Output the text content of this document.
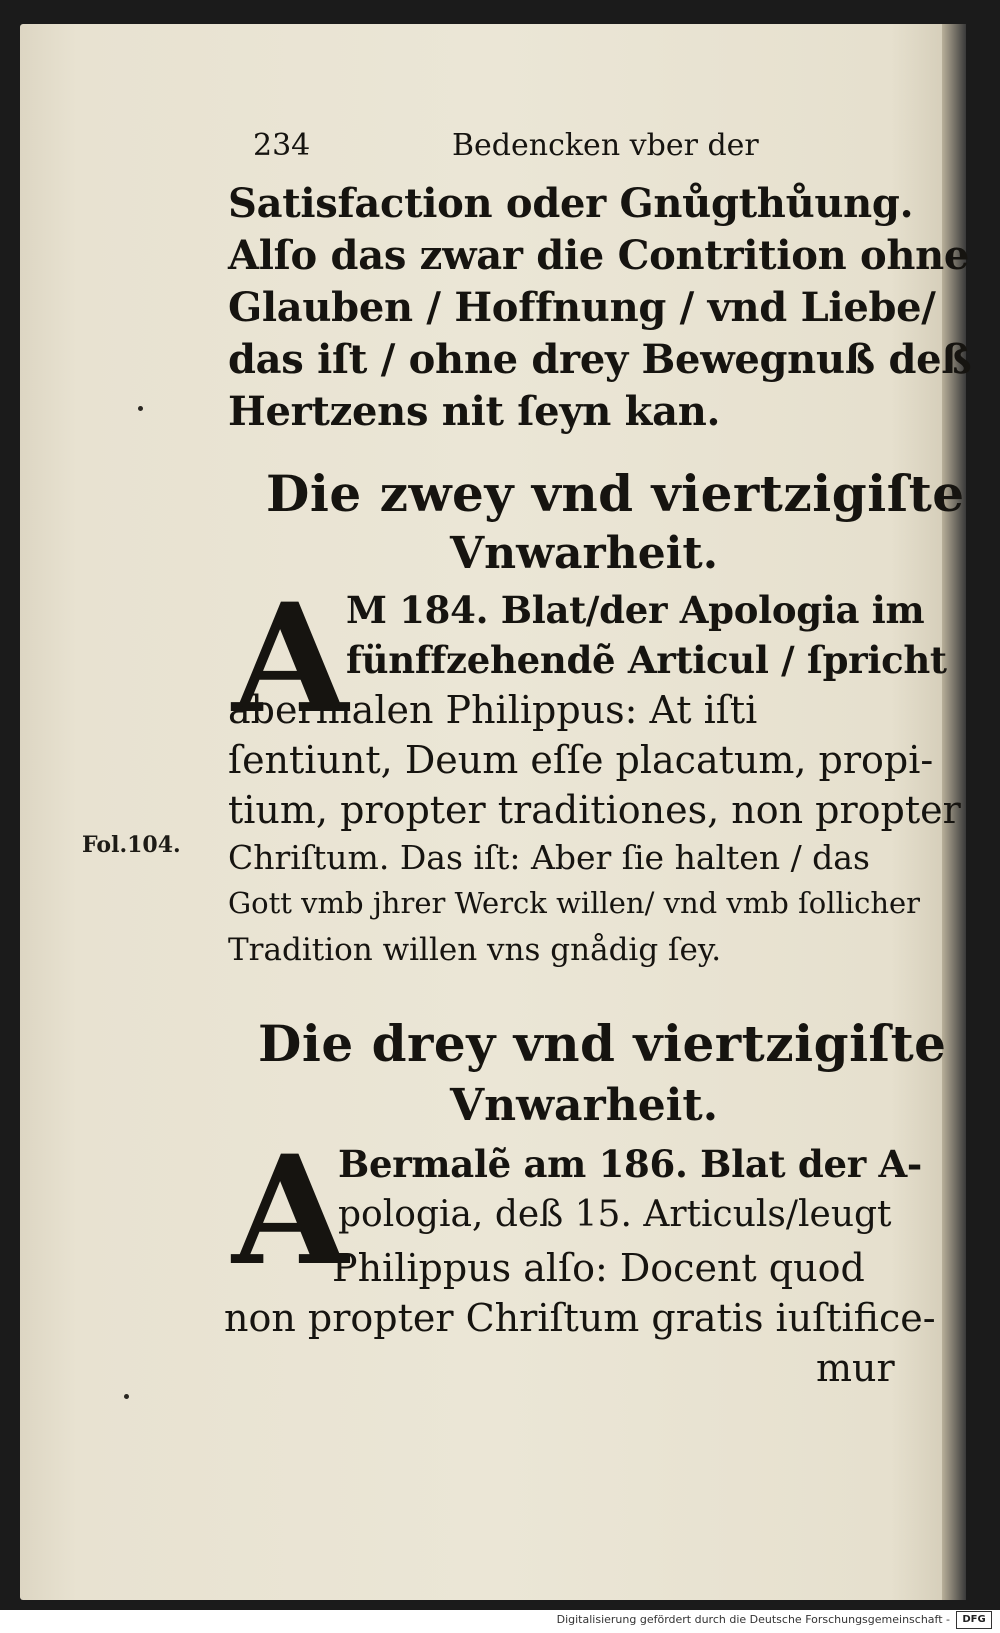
234	Bedencken vber der
Satisfaction oder Gnůgthůung.
Alſo das zwar die Contrition ohne
Glauben / Hoffnung / vnd Liebe/
das iſt / ohne drey Bewegnuß deß
Hertzens nit ſeyn kan.
Die zwey vnd viertzigiſte
Vnwarheit.
A
M 184. Blat/der Apologia im
fünffzehendẽ Articul / ſpricht
abermalen Philippus: At iſti
ſentiunt, Deum eſſe placatum, propi-
tium, propter traditiones, non propter
Chriſtum. Das iſt: Aber ſie halten / das
Gott vmb jhrer Werck willen/ vnd vmb ſollicher
Tradition willen vns gnådig ſey.
Fol.104.
Die drey vnd viertzigiſte
Vnwarheit.
A
Bermalẽ am 186. Blat der A-
pologia, deß 15. Articuls/leugt
Philippus alſo: Docent quod
non propter Chriſtum gratis iuſtifice-
mur
Digitalisierung gefördert durch die Deutsche Forschungsgemeinschaft -	DFG
